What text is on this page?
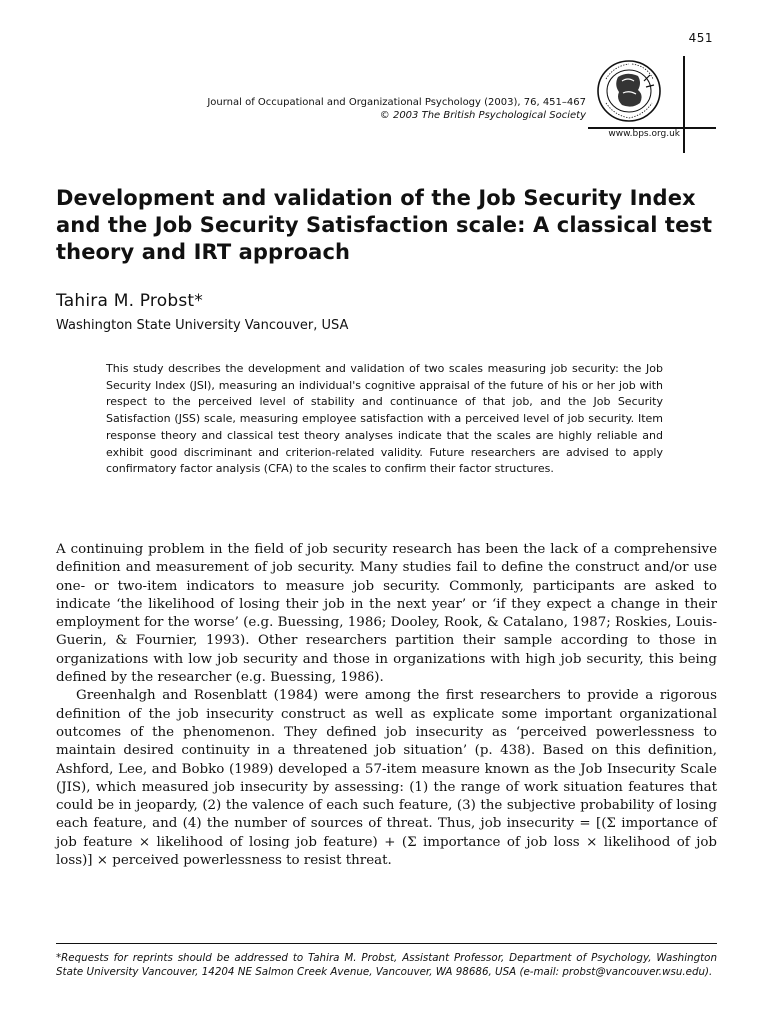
451
Journal of Occupational and Organizational Psychology (2003), 76, 451–467
© 2003 The British Psychological Society
www.bps.org.uk
Development and validation of the Job Security Index and the Job Security Satisfaction scale: A classical test theory and IRT approach
Tahira M. Probst*
Washington State University Vancouver, USA

This study describes the development and validation of two scales measuring job security: the Job Security Index (JSI), measuring an individual's cognitive appraisal of the future of his or her job with respect to the perceived level of stability and continuance of that job, and the Job Security Satisfaction (JSS) scale, measuring employee satisfaction with a perceived level of job security. Item response theory and classical test theory analyses indicate that the scales are highly reliable and exhibit good discriminant and criterion-related validity. Future researchers are advised to apply confirmatory factor analysis (CFA) to the scales to confirm their factor structures.

A continuing problem in the field of job security research has been the lack of a comprehensive definition and measurement of job security. Many studies fail to define the construct and/or use one- or two-item indicators to measure job security. Commonly, participants are asked to indicate ‘the likelihood of losing their job in the next year’ or ‘if they expect a change in their employment for the worse’ (e.g. Buessing, 1986; Dooley, Rook, & Catalano, 1987; Roskies, Louis-Guerin, & Fournier, 1993). Other researchers partition their sample according to those in organizations with low job security and those in organizations with high job security, this being defined by the researcher (e.g. Buessing, 1986).

Greenhalgh and Rosenblatt (1984) were among the first researchers to provide a rigorous definition of the job insecurity construct as well as explicate some important organizational outcomes of the phenomenon. They defined job insecurity as ‘perceived powerlessness to maintain desired continuity in a threatened job situation’ (p. 438). Based on this definition, Ashford, Lee, and Bobko (1989) developed a 57-item measure known as the Job Insecurity Scale (JIS), which measured job insecurity by assessing: (1) the range of work situation features that could be in jeopardy, (2) the valence of each such feature, (3) the subjective probability of losing each feature, and (4) the number of sources of threat. Thus, job insecurity = [(Σ importance of job feature × likelihood of losing job feature) + (Σ importance of job loss × likelihood of job loss)] × perceived powerlessness to resist threat.

*Requests for reprints should be addressed to Tahira M. Probst, Assistant Professor, Department of Psychology, Washington State University Vancouver, 14204 NE Salmon Creek Avenue, Vancouver, WA 98686, USA (e-mail: probst@vancouver.wsu.edu).
